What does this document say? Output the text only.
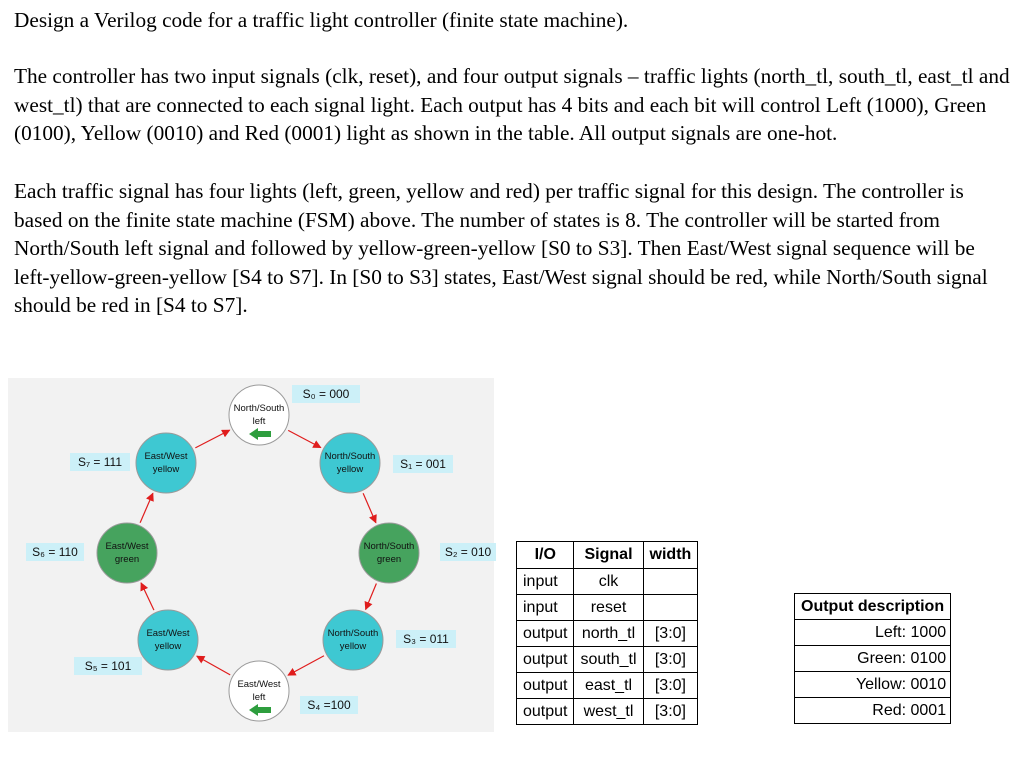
Design a Verilog code for a traffic light controller (finite state machine).

The controller has two input signals (clk, reset), and four output signals – traffic lights (north_tl, south_tl, east_tl and west_tl) that are connected to each signal light. Each output has 4 bits and each bit will control Left (1000), Green (0100), Yellow (0010) and Red (0001) light as shown in the table. All output signals are one-hot.

Each traffic signal has four lights (left, green, yellow and red) per traffic signal for this design. The controller is based on the finite state machine (FSM) above. The number of states is 8. The controller will be started from North/South left signal and followed by yellow-green-yellow [S0 to S3]. Then East/West signal sequence will be left-yellow-green-yellow [S4 to S7]. In [S0 to S3] states, East/West signal should be red, while North/South signal should be red in [S4 to S7].

North/South
left
North/South
yellow
North/South
green
North/South
yellow
East/West
left
East/West
yellow
East/West
green
East/West
yellow
S₀ = 000
S₁ = 001
S₂ = 010
S₃ = 011
S₄ =100
S₅ = 101
S₆ = 110
S₇ = 111
I/O	Signal	width
input	clk	
input	reset	
output	north_tl	[3:0]
output	south_tl	[3:0]
output	east_tl	[3:0]
output	west_tl	[3:0]
Output description
Left: 1000
Green: 0100
Yellow: 0010
Red: 0001
